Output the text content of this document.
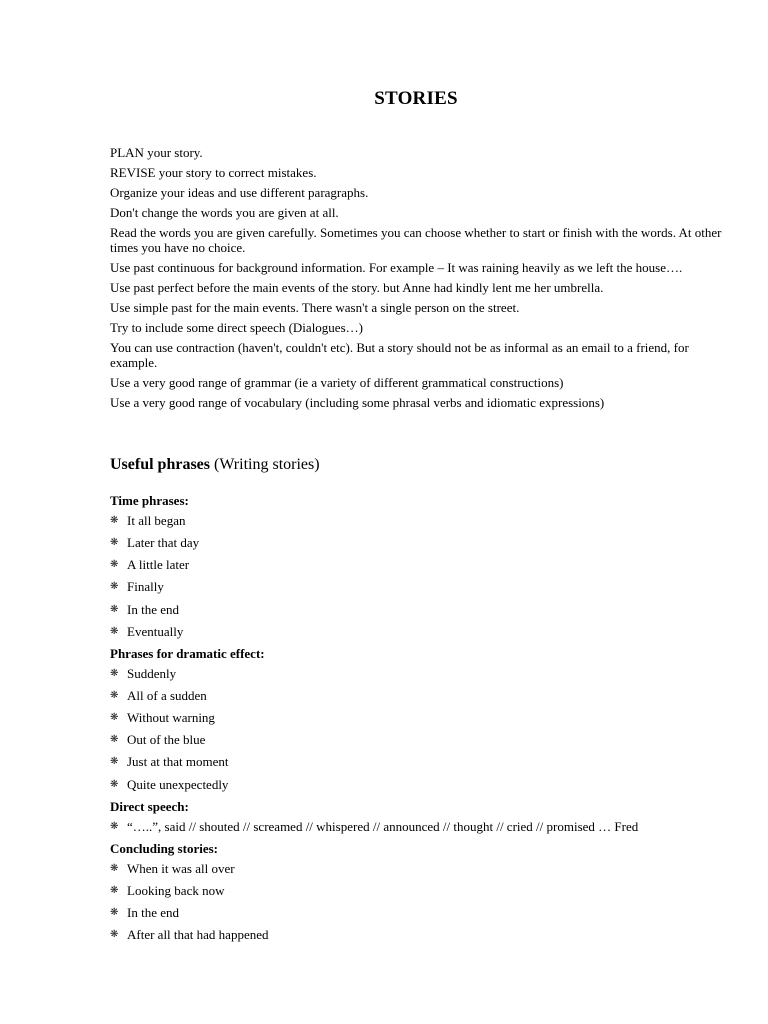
STORIES
PLAN your story.
REVISE your story to correct mistakes.
Organize your ideas and use different paragraphs.
Don't change the words you are given at all.
Read the words you are given carefully. Sometimes you can choose whether to start or finish with the words. At other times you have no choice.
Use past continuous for background information. For example – It was raining heavily as we left the house….
Use past perfect before the main events of the story. but Anne had kindly lent me her umbrella.
Use simple past for the main events. There wasn't a single person on the street.
Try to include some direct speech (Dialogues…)
You can use contraction (haven't, couldn't etc). But a story should not be as informal as an email to a friend, for example.
Use a very good range of grammar (ie a variety of different grammatical constructions)
Use a very good range of vocabulary (including some phrasal verbs and idiomatic expressions)
Useful phrases (Writing stories)
Time phrases:
❋ It all began
❋ Later that day
❋ A little later
❋ Finally
❋ In the end
❋ Eventually
Phrases for dramatic effect:
❋ Suddenly
❋ All of a sudden
❋ Without warning
❋ Out of the blue
❋ Just at that moment
❋ Quite unexpectedly
Direct speech:
❋ “…..”, said // shouted // screamed // whispered // announced // thought // cried // promised … Fred
Concluding stories:
❋ When it was all over
❋ Looking back now
❋ In the end
❋ After all that had happened
